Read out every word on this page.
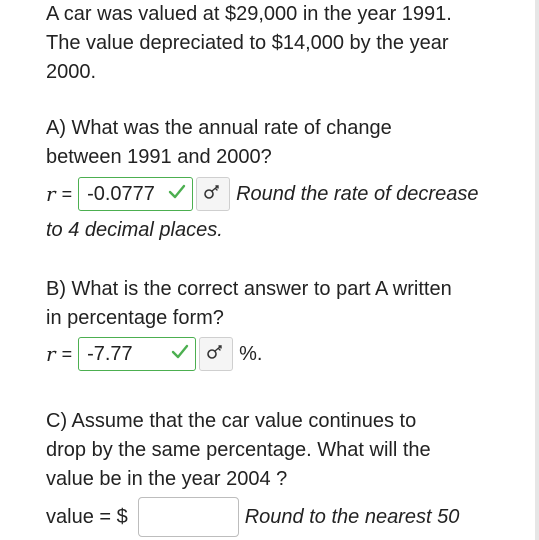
A car was valued at $29,000 in the year 1991.

The value depreciated to $14,000 by the year

2000.

A) What was the annual rate of change
between 1991 and 2000?
r = -0.0777	Round the rate of decrease
to 4 decimal places.
B) What is the correct answer to part A written
in percentage form?
r = -7.77	%.
C) Assume that the car value continues to
drop by the same percentage. What will the
value be in the year 2004 ?
value = $	Round to the nearest 50
